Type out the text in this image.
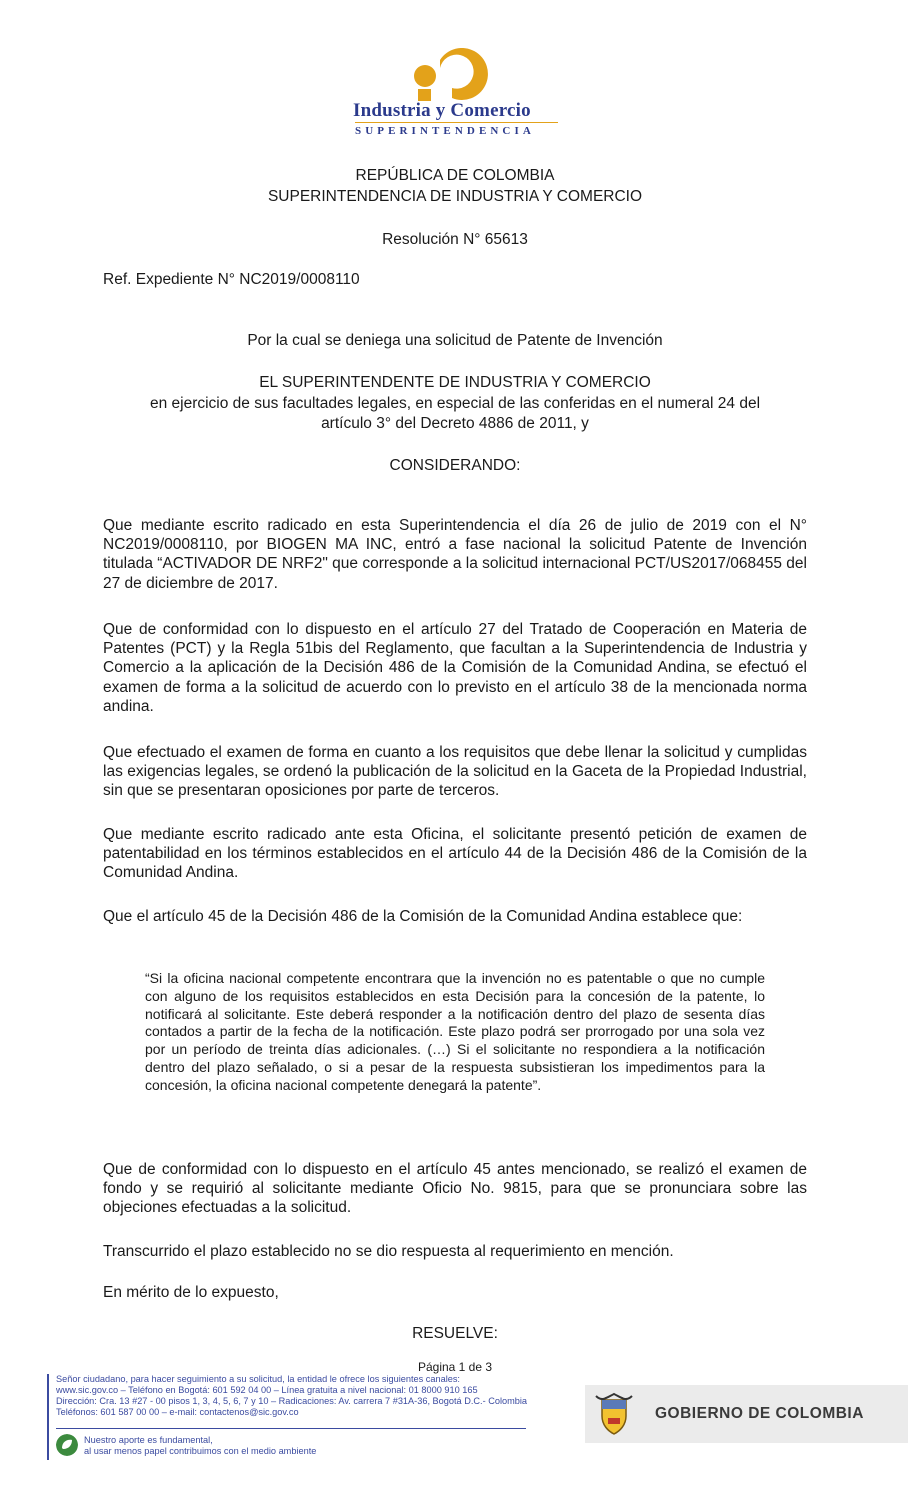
Industria y Comercio
SUPERINTENDENCIA
REPÚBLICA DE COLOMBIA
SUPERINTENDENCIA DE INDUSTRIA Y COMERCIO
Resolución N° 65613
Ref. Expediente N° NC2019/0008110
Por la cual se deniega una solicitud de Patente de Invención
EL SUPERINTENDENTE DE INDUSTRIA Y COMERCIO
en ejercicio de sus facultades legales, en especial de las conferidas en el numeral 24 del
artículo 3° del Decreto 4886 de 2011, y
CONSIDERANDO:
Que mediante escrito radicado en esta Superintendencia el día 26 de julio de 2019 con el N° NC2019/0008110, por BIOGEN MA INC, entró a fase nacional la solicitud Patente de Invención titulada “ACTIVADOR DE NRF2" que corresponde a la solicitud internacional PCT/US2017/068455 del 27 de diciembre de 2017.
Que de conformidad con lo dispuesto en el artículo 27 del Tratado de Cooperación en Materia de Patentes (PCT) y la Regla 51bis del Reglamento, que facultan a la Superintendencia de Industria y Comercio a la aplicación de la Decisión 486 de la Comisión de la Comunidad Andina, se efectuó el examen de forma a la solicitud de acuerdo con lo previsto en el artículo 38 de la mencionada norma andina.
Que efectuado el examen de forma en cuanto a los requisitos que debe llenar la solicitud y cumplidas las exigencias legales, se ordenó la publicación de la solicitud en la Gaceta de la Propiedad Industrial, sin que se presentaran oposiciones por parte de terceros.
Que mediante escrito radicado ante esta Oficina, el solicitante presentó petición de examen de patentabilidad en los términos establecidos en el artículo 44 de la Decisión 486 de la Comisión de la Comunidad Andina.
Que el artículo 45 de la Decisión 486 de la Comisión de la Comunidad Andina establece que:
“Si la oficina nacional competente encontrara que la invención no es patentable o que no cumple con alguno de los requisitos establecidos en esta Decisión para la concesión de la patente, lo notificará al solicitante. Este deberá responder a la notificación dentro del plazo de sesenta días contados a partir de la fecha de la notificación. Este plazo podrá ser prorrogado por una sola vez por un período de treinta días adicionales. (…) Si el solicitante no respondiera a la notificación dentro del plazo señalado, o si a pesar de la respuesta subsistieran los impedimentos para la concesión, la oficina nacional competente denegará la patente”.
Que de conformidad con lo dispuesto en el artículo 45 antes mencionado, se realizó el examen de fondo y se requirió al solicitante mediante Oficio No. 9815, para que se pronunciara sobre las objeciones efectuadas a la solicitud.
Transcurrido el plazo establecido no se dio respuesta al requerimiento en mención.
En mérito de lo expuesto,
RESUELVE:
Página 1 de 3
Señor ciudadano, para hacer seguimiento a su solicitud, la entidad le ofrece los siguientes canales:
www.sic.gov.co – Teléfono en Bogotá: 601 592 04 00 – Línea gratuita a nivel nacional: 01 8000 910 165
Dirección: Cra. 13 #27 - 00 pisos 1, 3, 4, 5, 6, 7 y 10 – Radicaciones: Av. carrera 7 #31A-36, Bogotá D.C.- Colombia
Teléfonos: 601 587 00 00 – e-mail: contactenos@sic.gov.co
Nuestro aporte es fundamental,
al usar menos papel contribuimos con el medio ambiente
GOBIERNO DE COLOMBIA
